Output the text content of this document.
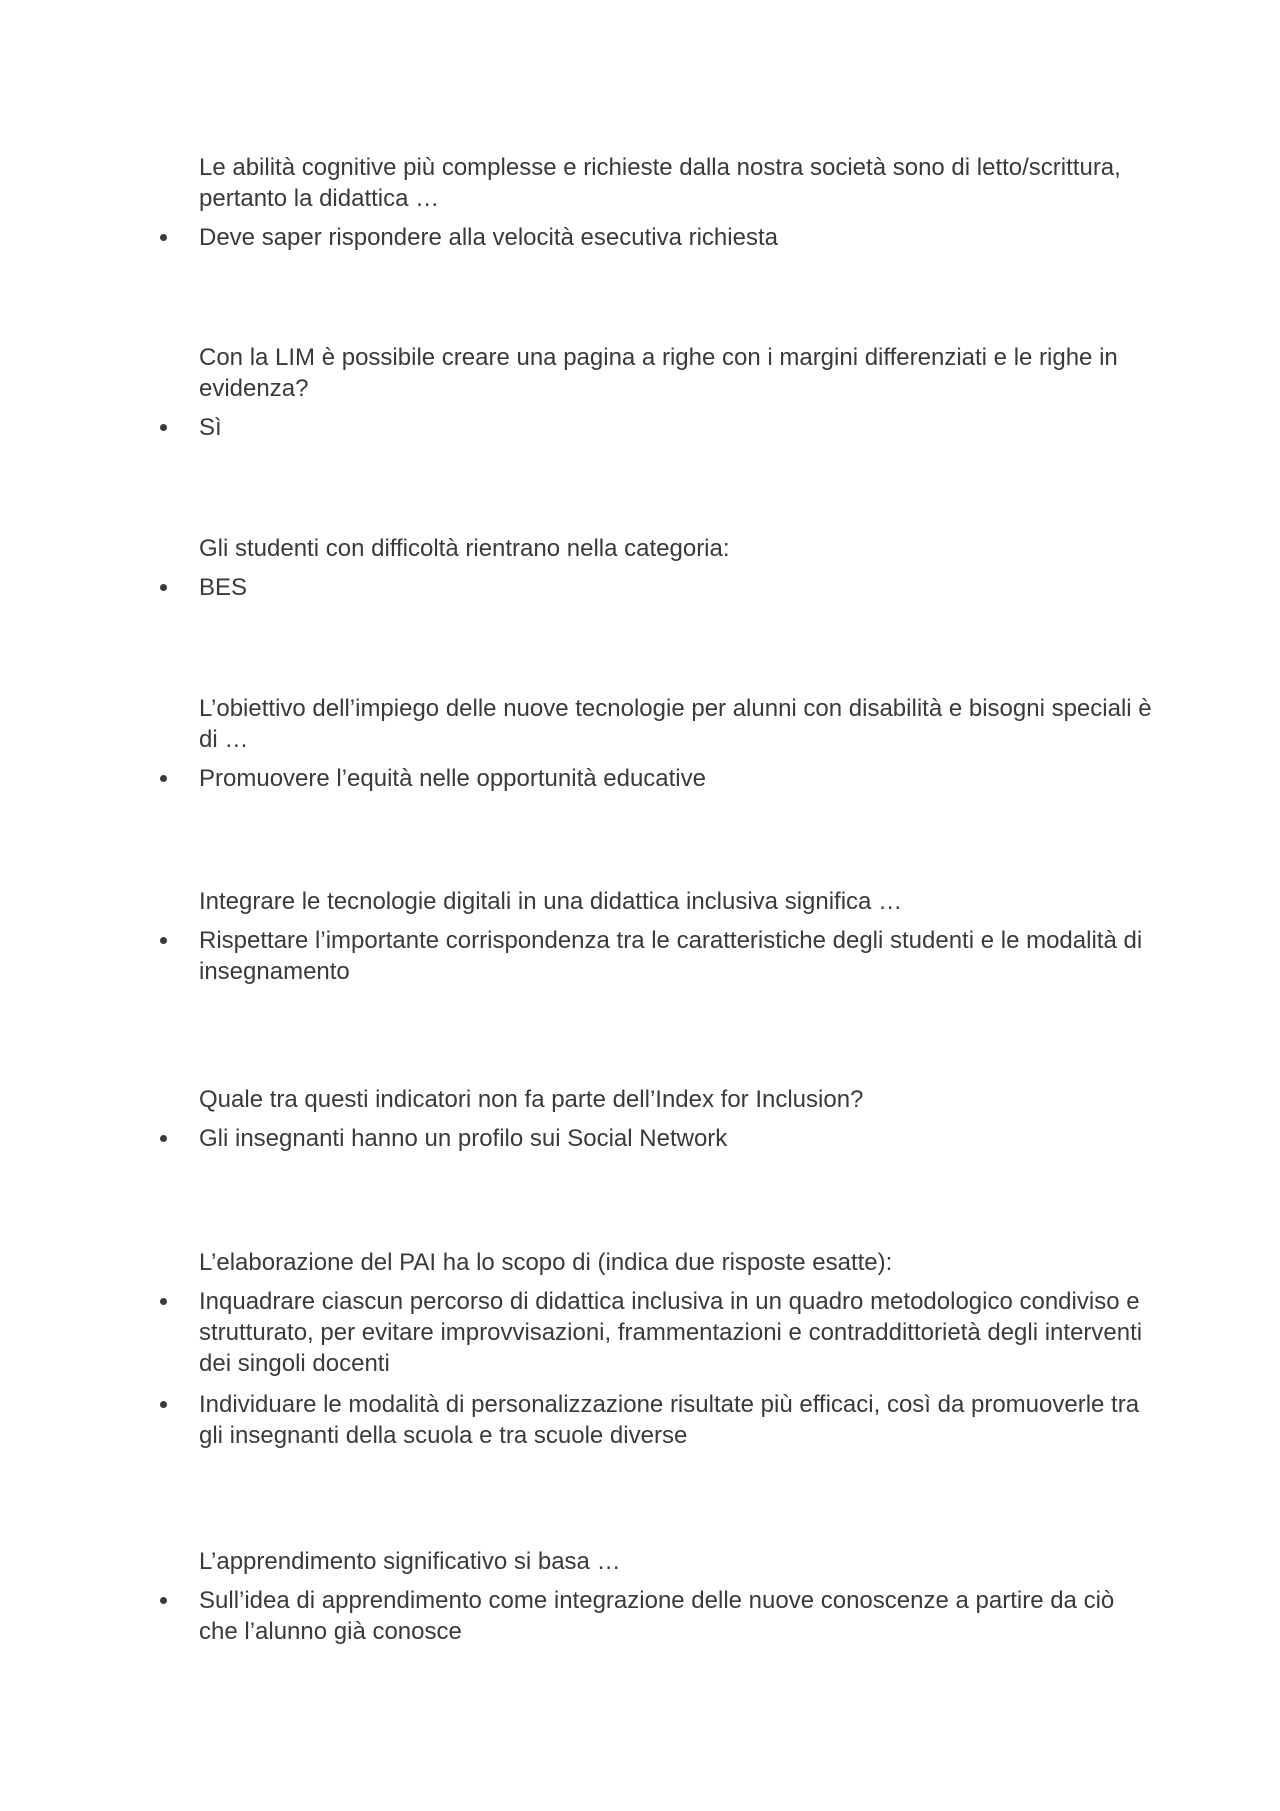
Le abilità cognitive più complesse e richieste dalla nostra società sono di letto/scrittura, pertanto la didattica …

Deve saper rispondere alla velocità esecutiva richiesta

Con la LIM è possibile creare una pagina a righe con i margini differenziati e le righe in evidenza?

Sì

Gli studenti con difficoltà rientrano nella categoria:

BES

L’obiettivo dell’impiego delle nuove tecnologie per alunni con disabilità e bisogni speciali è di …

Promuovere l’equità nelle opportunità educative

Integrare le tecnologie digitali in una didattica inclusiva significa …

Rispettare l’importante corrispondenza tra le caratteristiche degli studenti e le modalità di insegnamento

Quale tra questi indicatori non fa parte dell’Index for Inclusion?

Gli insegnanti hanno un profilo sui Social Network

L’elaborazione del PAI ha lo scopo di (indica due risposte esatte):

Inquadrare ciascun percorso di didattica inclusiva in un quadro metodologico condiviso e strutturato, per evitare improvvisazioni, frammentazioni e contraddittorietà degli interventi dei singoli docenti
Individuare le modalità di personalizzazione risultate più efficaci, così da promuoverle tra gli insegnanti della scuola e tra scuole diverse

L’apprendimento significativo si basa …

Sull’idea di apprendimento come integrazione delle nuove conoscenze a partire da ciò che l’alunno già conosce
